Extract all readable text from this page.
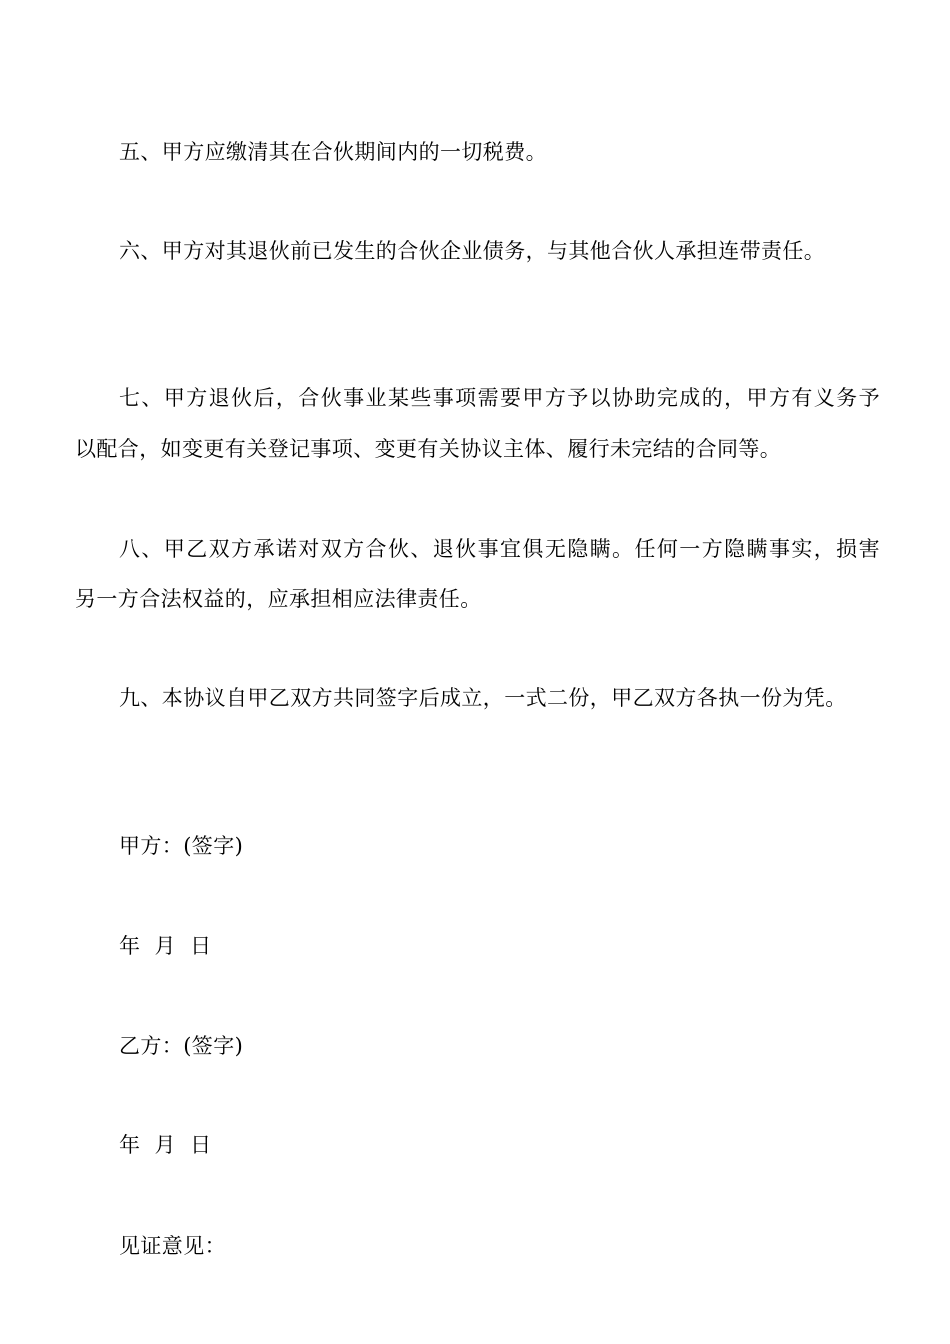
五、甲方应缴清其在合伙期间内的一切税费。
六、甲方对其退伙前已发生的合伙企业债务，与其他合伙人承担连带责任。
七、甲方退伙后，合伙事业某些事项需要甲方予以协助完成的，甲方有义务予
以配合，如变更有关登记事项、变更有关协议主体、履行未完结的合同等。
八、甲乙双方承诺对双方合伙、退伙事宜俱无隐瞒。任何一方隐瞒事实，损害
另一方合法权益的，应承担相应法律责任。
九、本协议自甲乙双方共同签字后成立，一式二份，甲乙双方各执一份为凭。
甲方：(签字)
年  月  日
乙方：(签字)
年  月  日
见证意见：
